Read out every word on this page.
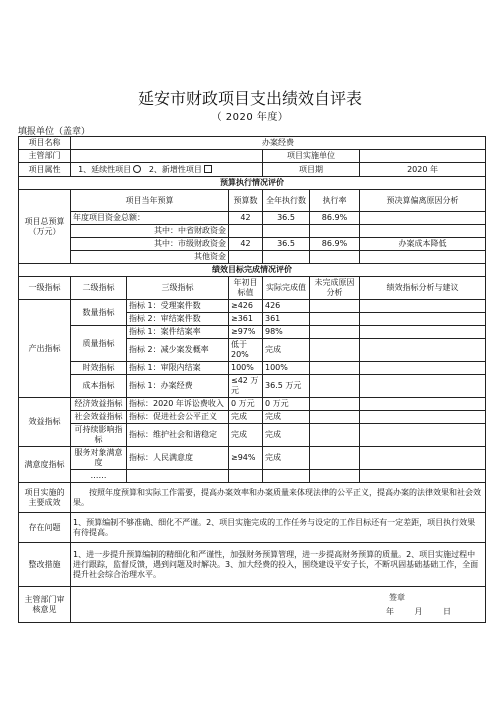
延安市财政项目支出绩效自评表
（ 2020 年度）
填报单位（盖章）
项目名称	办案经费					
主管部门				项目实施单位		
项目属性	1、延续性项目 2、新增性项目			项目期		2020 年
预算执行情况评价						
项目总预算（万元）	项目当年预算		预算数	全年执行数	执行率	预决算偏离原因分析
	年度项目资金总额：		42	36.5	86.9%	
	其中：中省财政资金					
	其中：市级财政资金		42	36.5	86.9%	办案成本降低
	其他资金					
绩效目标完成情况评价						
一级指标	二级指标	三级指标	年初目标值	实际完成值	未完成原因分析	绩效指标分析与建议
产出指标	数量指标	指标 1：受理案件数	≥426	426		
		指标 2：审结案件数	≥361	361		
	质量指标	指标 1：案件结案率	≥97%	98%		
		指标 2：减少案发概率	低于 20%	完成		
	时效指标	指标 1：审限内结案	100%	100%		
	成本指标	指标 1：办案经费	≤42 万元	36.5 万元		
效益指标	经济效益指标	指标：2020 年诉讼费收入	0 万元	0 万元		
	社会效益指标	指标：促进社会公平正义	完成	完成		
	可持续影响指标	指标：维护社会和谐稳定	完成	完成		
满意度指标	服务对象满意度	指标：人民满意度	≥94%	完成		
	……					
项目实施的主要成效	按照年度预算和实际工作需要，提高办案效率和办案质量来体现法律的公平正义，提高办案的法律效果和社会效果。					
存在问题	1、预算编制不够准确、细化不严谨。2、项目实施完成的工作任务与设定的工作目标还有一定差距，项目执行效果有待提高。					
整改措施	1、进一步提升预算编制的精细化和严谨性，加强财务预算管理，进一步提高财务预算的质量。2、项目实施过程中进行跟踪，监督反馈，遇到问题及时解决。3、加大经费的投入，围绕建设平安子长，不断巩固基础基础工作，全面提升社会综合治理水平。					
主管部门审核意见	签章
年 月 日					
